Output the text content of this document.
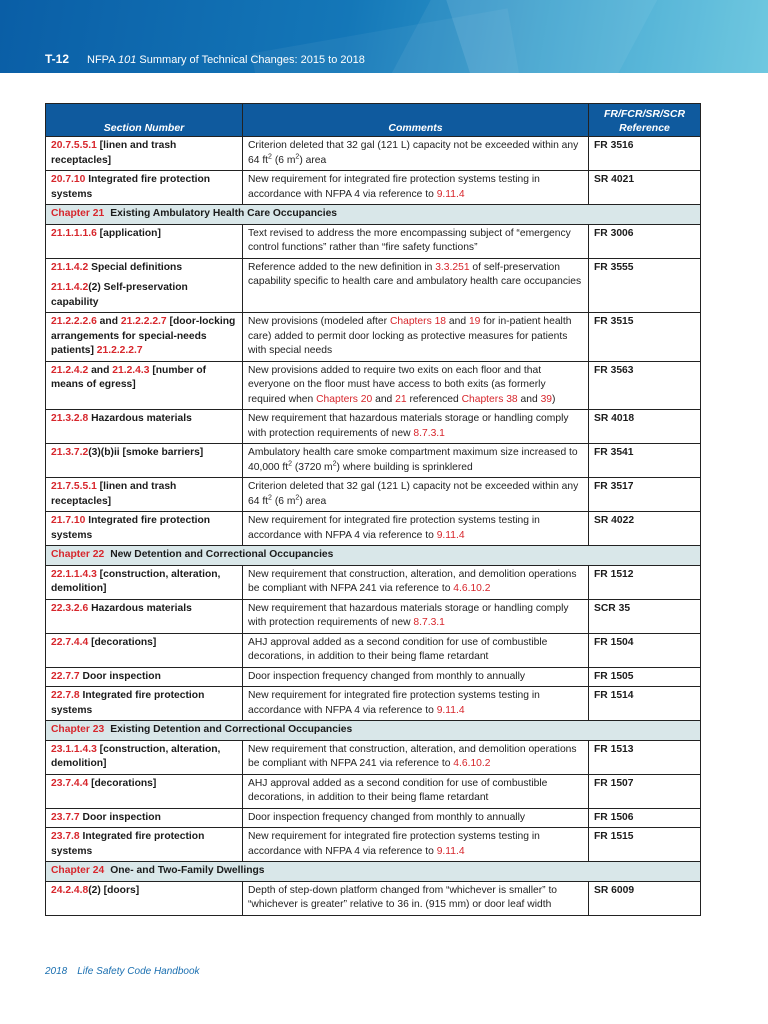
T-12 NFPA 101 Summary of Technical Changes: 2015 to 2018
Section Number	Comments	FR/FCR/SR/SCR
Reference

20.7.5.5.1 [linen and trash receptacles]	Criterion deleted that 32 gal (121 L) capacity not be exceeded within any 64 $ft^2$ (6 $m^2$) area	FR 3516

20.7.10 Integrated fire protection systems	New requirement for integrated fire protection systems testing in accordance with NFPA 4 via reference to 9.11.4	SR 4021
Chapter 21 Existing Ambulatory Health Care Occupancies		

21.1.1.1.6 [application]	Text revised to address the more encompassing subject of “emergency control functions” rather than “fire safety functions”	FR 3006

21.1.4.2 Special definitions
21.1.4.2(2) Self-preservation capability	Reference added to the new definition in 3.3.251 of self-preservation capability specific to health care and ambulatory health care occupancies	FR 3555

21.2.2.2.6 and 21.2.2.2.7 [door-locking arrangements for special-needs patients] 21.2.2.2.7	New provisions (modeled after Chapters 18 and 19 for in-patient health care) added to permit door locking as protective measures for patients with special needs	FR 3515

21.2.4.2 and 21.2.4.3 [number of means of egress]	New provisions added to require two exits on each floor and that everyone on the floor must have access to both exits (as formerly required when Chapters 20 and 21 referenced Chapters 38 and 39)	FR 3563

21.3.2.8 Hazardous materials	New requirement that hazardous materials storage or handling comply with protection requirements of new 8.7.3.1	SR 4018

21.3.7.2(3)(b)ii [smoke barriers]	Ambulatory health care smoke compartment maximum size increased to 40,000 $ft^2$ (3720 $m^2$) where building is sprinklered	FR 3541

21.7.5.5.1 [linen and trash receptacles]	Criterion deleted that 32 gal (121 L) capacity not be exceeded within any 64 $ft^2$ (6 $m^2$) area	FR 3517

21.7.10 Integrated fire protection systems	New requirement for integrated fire protection systems testing in accordance with NFPA 4 via reference to 9.11.4	SR 4022
Chapter 22 New Detention and Correctional Occupancies		

22.1.1.4.3 [construction, alteration, demolition]	New requirement that construction, alteration, and demolition operations be compliant with NFPA 241 via reference to 4.6.10.2	FR 1512

22.3.2.6 Hazardous materials	New requirement that hazardous materials storage or handling comply with protection requirements of new 8.7.3.1	SCR 35

22.7.4.4 [decorations]	AHJ approval added as a second condition for use of combustible decorations, in addition to their being flame retardant	FR 1504

22.7.7 Door inspection	Door inspection frequency changed from monthly to annually	FR 1505

22.7.8 Integrated fire protection systems	New requirement for integrated fire protection systems testing in accordance with NFPA 4 via reference to 9.11.4	FR 1514
Chapter 23 Existing Detention and Correctional Occupancies		

23.1.1.4.3 [construction, alteration, demolition]	New requirement that construction, alteration, and demolition operations be compliant with NFPA 241 via reference to 4.6.10.2	FR 1513

23.7.4.4 [decorations]	AHJ approval added as a second condition for use of combustible decorations, in addition to their being flame retardant	FR 1507

23.7.7 Door inspection	Door inspection frequency changed from monthly to annually	FR 1506

23.7.8 Integrated fire protection systems	New requirement for integrated fire protection systems testing in accordance with NFPA 4 via reference to 9.11.4	FR 1515
Chapter 24 One- and Two-Family Dwellings		

24.2.4.8(2) [doors]	Depth of step-down platform changed from “whichever is smaller” to “whichever is greater” relative to 36 in. (915 mm) or door leaf width	SR 6009
2018 Life Safety Code Handbook
